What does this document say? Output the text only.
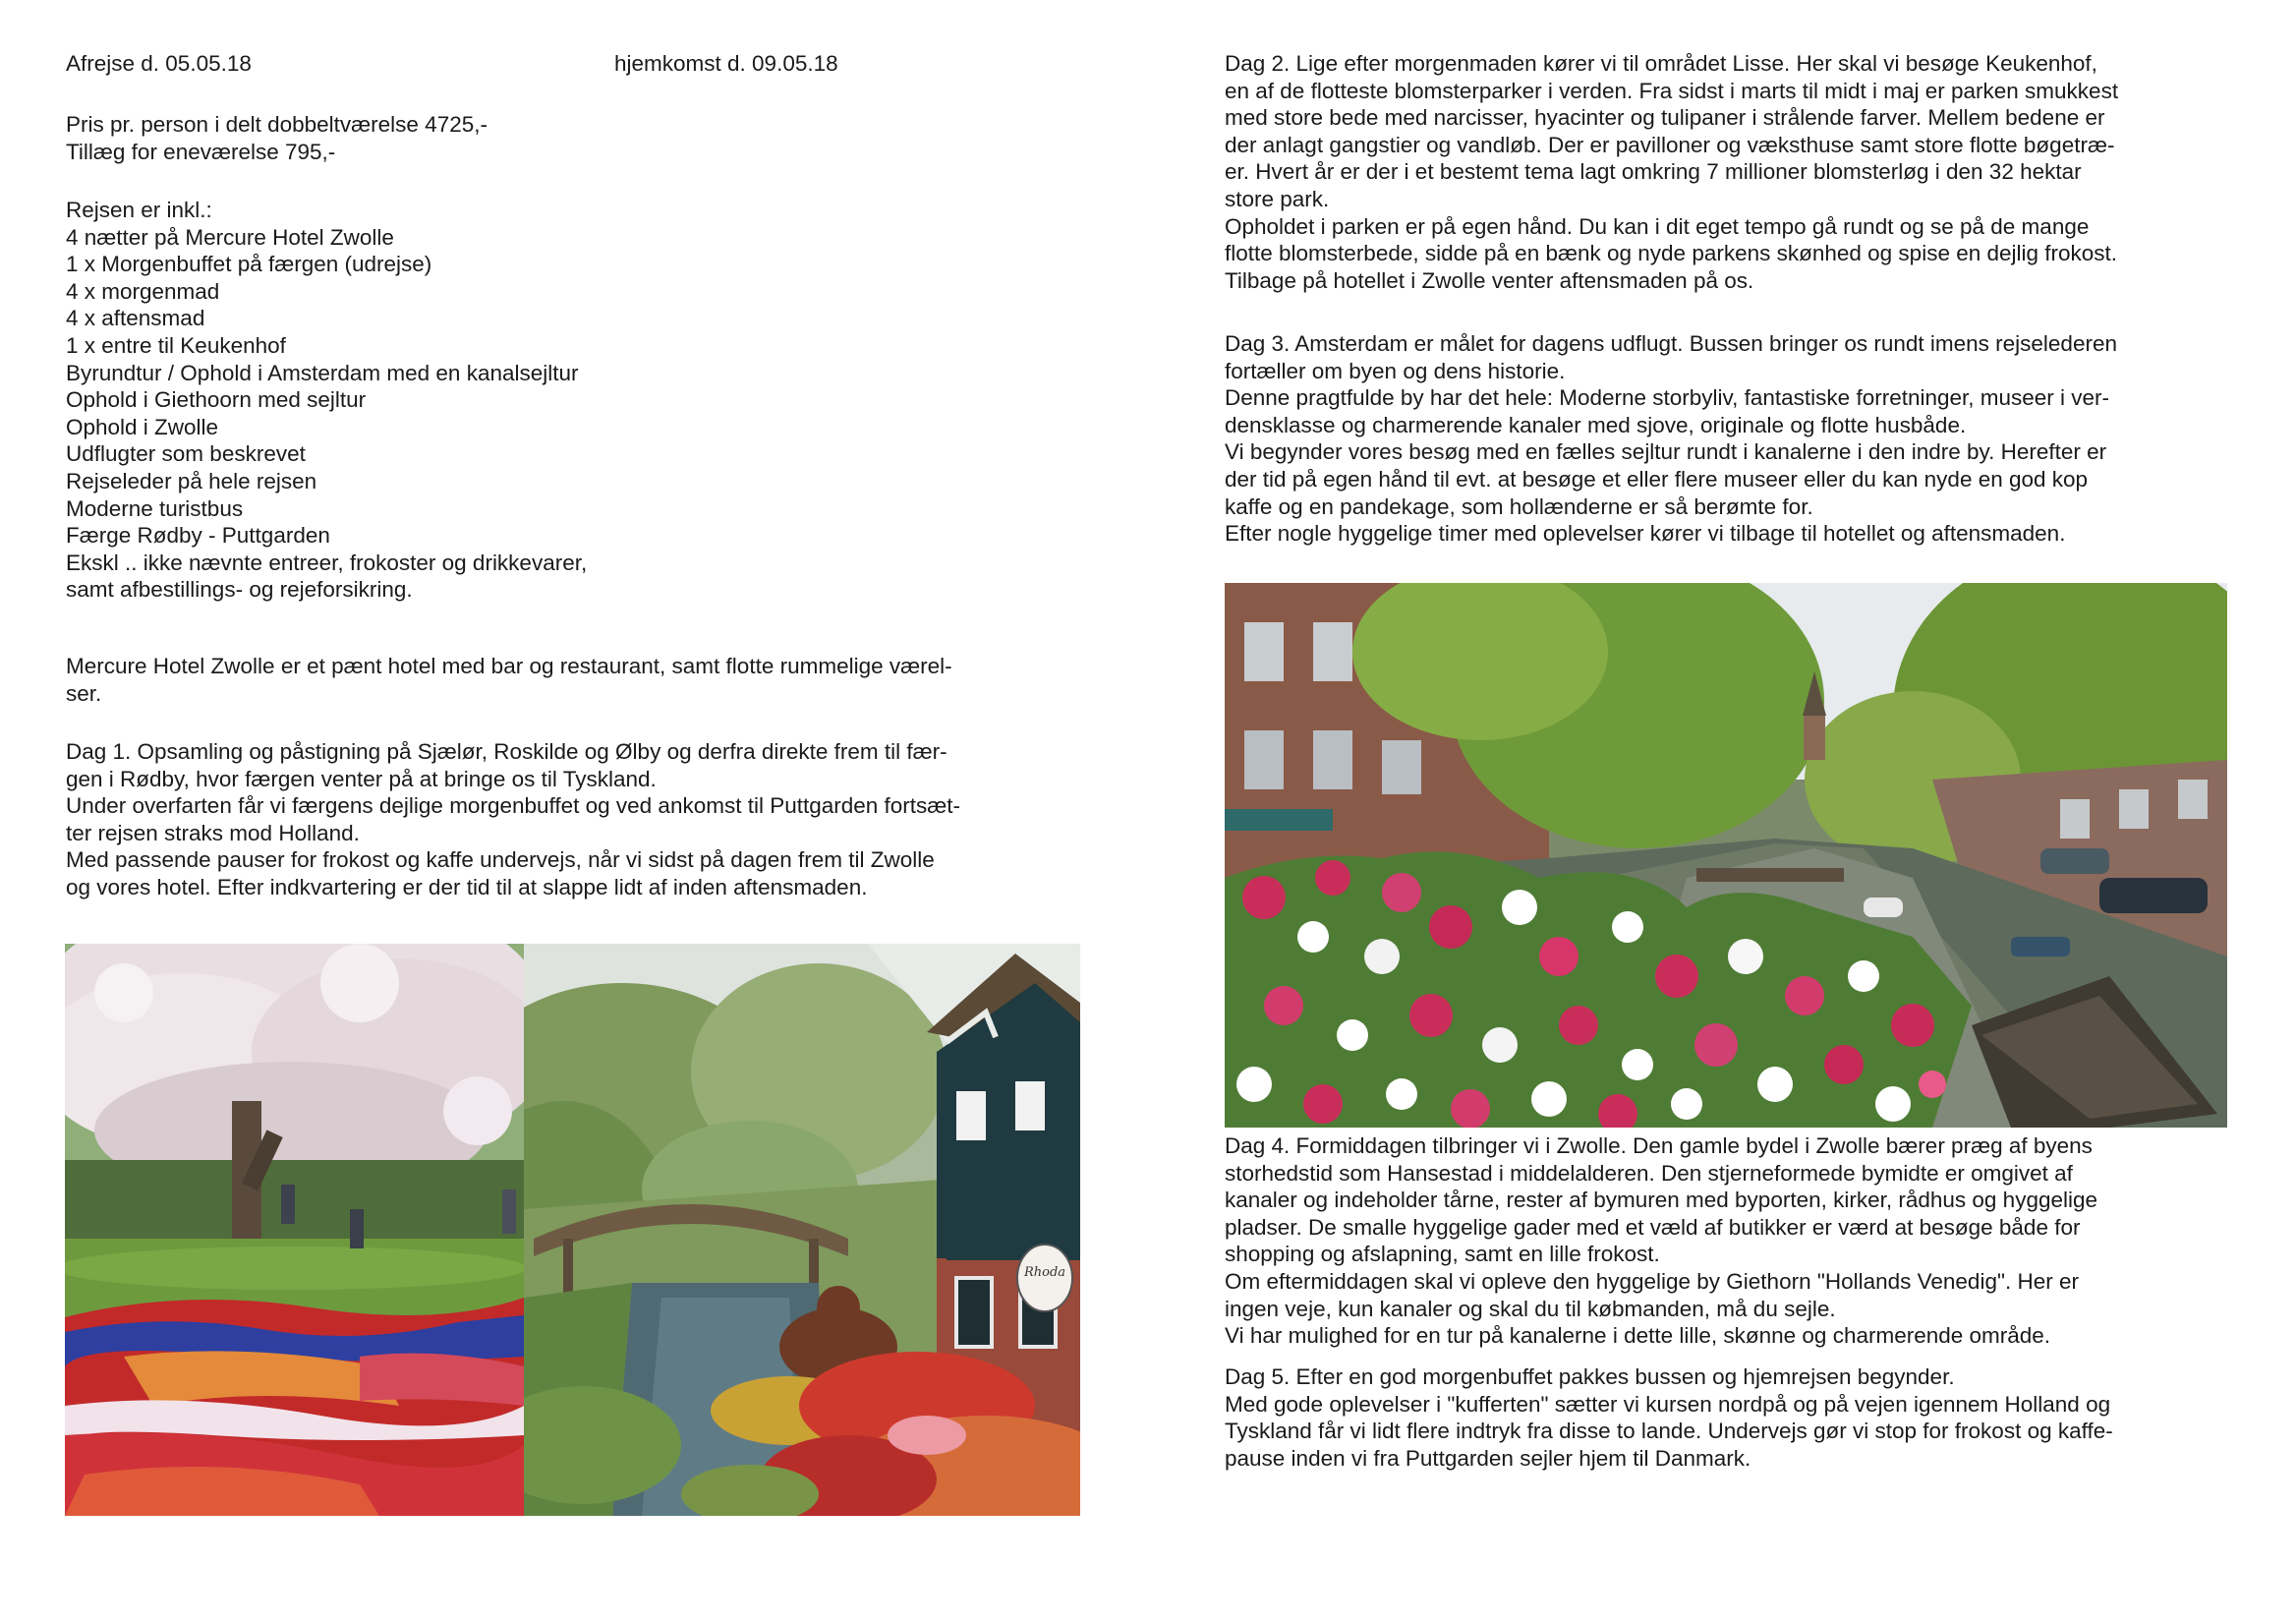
Afrejse d. 05.05.18	hjemkomst d. 09.05.18
Pris pr. person i delt dobbeltværelse 4725,-
Tillæg for eneværelse 795,-
Rejsen er inkl.:
4 nætter på Mercure Hotel Zwolle
1 x Morgenbuffet på færgen (udrejse)
4 x morgenmad
4 x aftensmad
1 x entre til Keukenhof
Byrundtur / Ophold i Amsterdam med en kanalsejltur
Ophold i Giethoorn med sejltur
Ophold i Zwolle
Udflugter som beskrevet
Rejseleder på hele rejsen
Moderne turistbus
Færge Rødby - Puttgarden
Ekskl .. ikke nævnte entreer, frokoster og drikkevarer,
samt afbestillings- og rejeforsikring.
Mercure Hotel Zwolle er et pænt hotel med bar og restaurant, samt flotte rummelige værel-
ser.
Dag 1. Opsamling og påstigning på Sjælør, Roskilde og Ølby og derfra direkte frem til fær-
gen i Rødby, hvor færgen venter på at bringe os til Tyskland.
Under overfarten får vi færgens dejlige morgenbuffet og ved ankomst til Puttgarden fortsæt-
ter rejsen straks mod Holland.
Med passende pauser for frokost og kaffe undervejs, når vi sidst på dagen frem til Zwolle
og vores hotel. Efter indkvartering er der tid til at slappe lidt af inden aftensmaden.
Rhoda
Dag 2. Lige efter morgenmaden kører vi til området Lisse. Her skal vi besøge Keukenhof,
en af de flotteste blomsterparker i verden. Fra sidst i marts til midt i maj er parken smukkest
med store bede med narcisser, hyacinter og tulipaner i strålende farver. Mellem bedene er
der anlagt gangstier og vandløb. Der er pavilloner og væksthuse samt store flotte bøgetræ-
er. Hvert år er der i et bestemt tema lagt omkring 7 millioner blomsterløg i den 32 hektar
store park.
Opholdet i parken er på egen hånd. Du kan i dit eget tempo gå rundt og se på de mange
flotte blomsterbede, sidde på en bænk og nyde parkens skønhed og spise en dejlig frokost.
Tilbage på hotellet i Zwolle venter aftensmaden på os.
Dag 3. Amsterdam er målet for dagens udflugt. Bussen bringer os rundt imens rejselederen
fortæller om byen og dens historie.
Denne pragtfulde by har det hele: Moderne storbyliv, fantastiske forretninger, museer i ver-
densklasse og charmerende kanaler med sjove, originale og flotte husbåde.
Vi begynder vores besøg med en fælles sejltur rundt i kanalerne i den indre by. Herefter er
der tid på egen hånd til evt. at besøge et eller flere museer eller du kan nyde en god kop
kaffe og en pandekage, som hollænderne er så berømte for.
Efter nogle hyggelige timer med oplevelser kører vi tilbage til hotellet og aftensmaden.
Dag 4. Formiddagen tilbringer vi i Zwolle. Den gamle bydel i Zwolle bærer præg af byens
storhedstid som Hansestad i middelalderen. Den stjerneformede bymidte er omgivet af
kanaler og indeholder tårne, rester af bymuren med byporten, kirker, rådhus og hyggelige
pladser. De smalle hyggelige gader med et væld af butikker er værd at besøge både for
shopping og afslapning, samt en lille frokost.
Om eftermiddagen skal vi opleve den hyggelige by Giethorn "Hollands Venedig". Her er
ingen veje, kun kanaler og skal du til købmanden, må du sejle.
Vi har mulighed for en tur på kanalerne i dette lille, skønne og charmerende område.
Dag 5. Efter en god morgenbuffet pakkes bussen og hjemrejsen begynder.
Med gode oplevelser i "kufferten" sætter vi kursen nordpå og på vejen igennem Holland og
Tyskland får vi lidt flere indtryk fra disse to lande. Undervejs gør vi stop for frokost og kaffe-
pause inden vi fra Puttgarden sejler hjem til Danmark.
